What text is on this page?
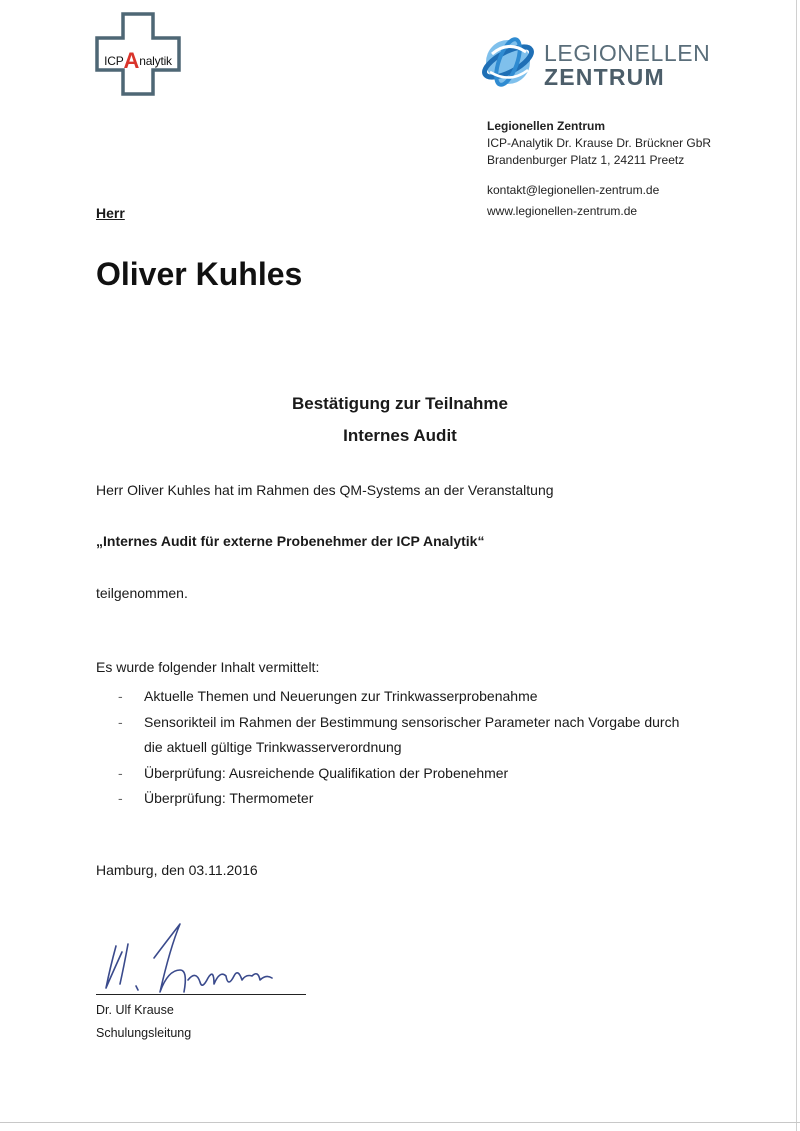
ICPAnalytik	LEGIONELLEN
ZENTRUM
Legionellen Zentrum
ICP-Analytik Dr. Krause Dr. Brückner GbR
Brandenburger Platz 1, 24211 Preetz
kontakt@legionellen-zentrum.de
www.legionellen-zentrum.de
Herr
Oliver Kuhles
Bestätigung zur Teilnahme
Internes Audit
Herr Oliver Kuhles hat im Rahmen des QM-Systems an der Veranstaltung
„Internes Audit für externe Probenehmer der ICP Analytik“
teilgenommen.
Es wurde folgender Inhalt vermittelt:
- Aktuelle Themen und Neuerungen zur Trinkwasserprobenahme
- Sensorikteil im Rahmen der Bestimmung sensorischer Parameter nach Vorgabe durch die aktuell gültige Trinkwasserverordnung
- Überprüfung: Ausreichende Qualifikation der Probenehmer
- Überprüfung: Thermometer
Hamburg, den 03.11.2016
Dr. Ulf Krause
Schulungsleitung
